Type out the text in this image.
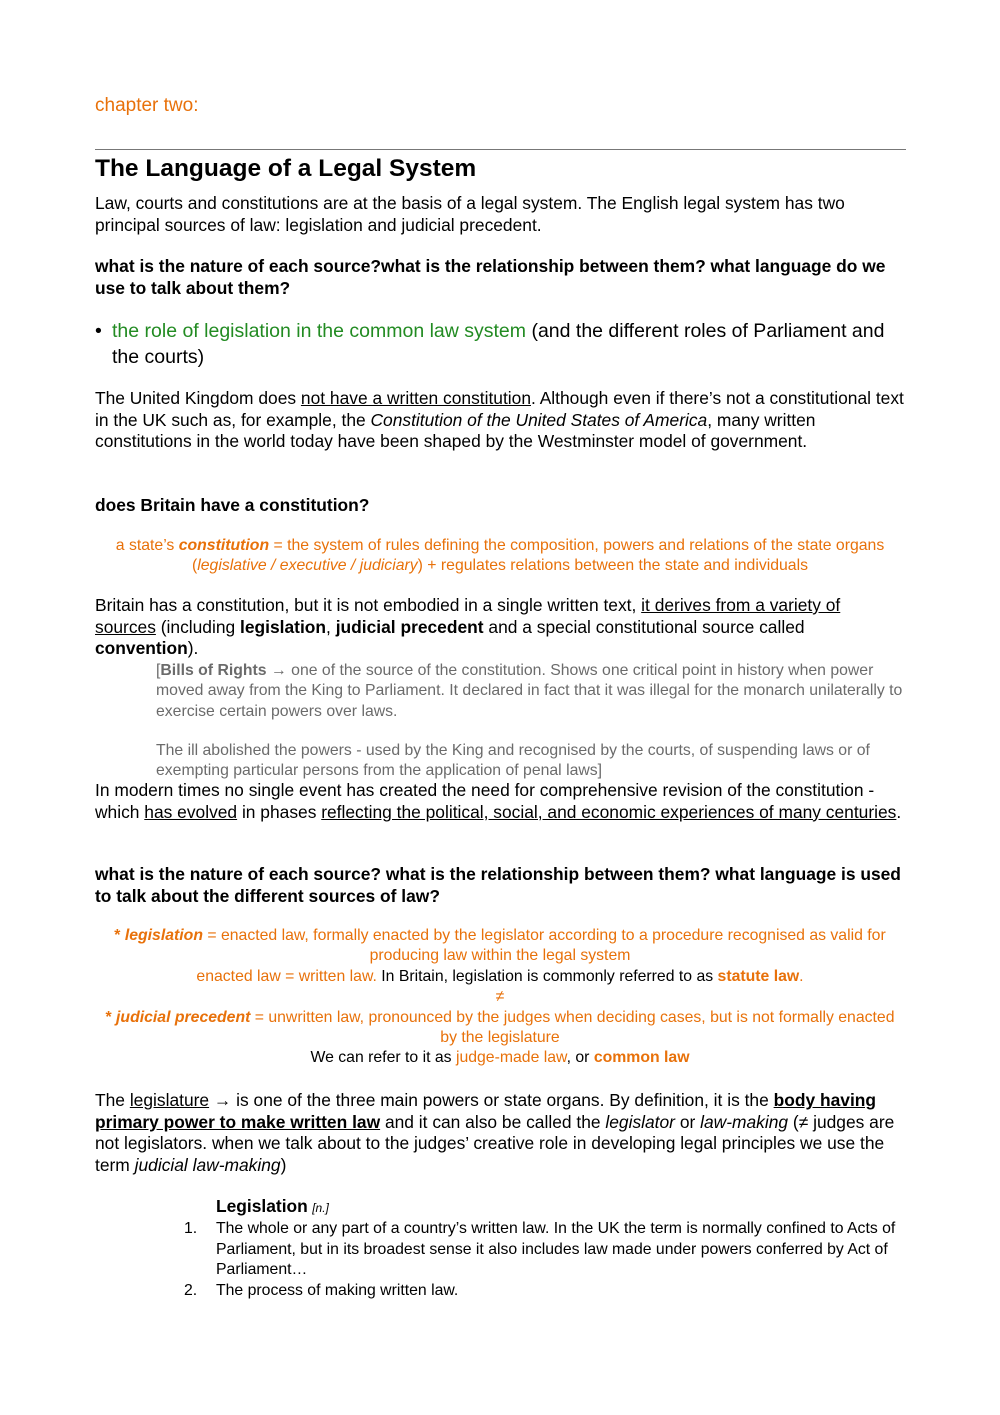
chapter two:
The Language of a Legal System
Law, courts and constitutions are at the basis of a legal system. The English legal system has two principal sources of law: legislation and judicial precedent.
what is the nature of each source?what is the relationship between them? what language do we use to talk about them?
• the role of legislation in the common law system (and the different roles of Parliament and the courts)
The United Kingdom does not have a written constitution. Although even if there’s not a constitutional text in the UK such as, for example, the Constitution of the United States of America, many written constitutions in the world today have been shaped by the Westminster model of government.
does Britain have a constitution?
a state’s constitution = the system of rules defining the composition, powers and relations of the state organs (legislative / executive / judiciary) + regulates relations between the state and individuals
Britain has a constitution, but it is not embodied in a single written text, it derives from a variety of sources (including legislation, judicial precedent and a special constitutional source called convention).
[Bills of Rights → one of the source of the constitution. Shows one critical point in history when power moved away from the King to Parliament. It declared in fact that it was illegal for the monarch unilaterally to exercise certain powers over laws.
The ill abolished the powers - used by the King and recognised by the courts, of suspending laws or of exempting particular persons from the application of penal laws]
In modern times no single event has created the need for comprehensive revision of the constitution - which has evolved in phases reflecting the political, social, and economic experiences of many centuries.
what is the nature of each source? what is the relationship between them? what language is used to talk about the different sources of law?
* legislation = enacted law, formally enacted by the legislator according to a procedure recognised as valid for producing law within the legal system
enacted law = written law. In Britain, legislation is commonly referred to as statute law.
≠
* judicial precedent = unwritten law, pronounced by the judges when deciding cases, but is not formally enacted by the legislature
We can refer to it as judge-made law, or common law
The legislature → is one of the three main powers or state organs. By definition, it is the body having primary power to make written law and it can also be called the legislator or law-making (≠ judges are not legislators. when we talk about to the judges’ creative role in developing legal principles we use the term judicial law-making)
Legislation [n.]
1. The whole or any part of a country’s written law. In the UK the term is normally confined to Acts of Parliament, but in its broadest sense it also includes law made under powers conferred by Act of Parliament…
2. The process of making written law.
